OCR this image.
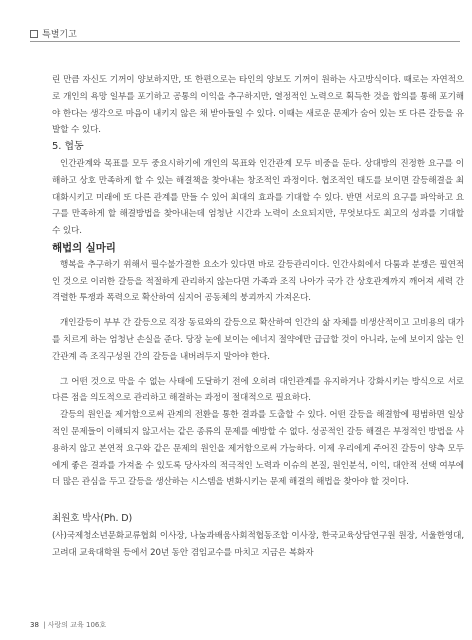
특별기고

린 만큼 자신도 기꺼이 양보하지만, 또 한편으로는 타인의 양보도 기꺼이 원하는 사고방식이다. 때로는 자연적으로 개인의 욕망 일부를 포기하고 공통의 이익을 추구하지만, 열정적인 노력으로 획득한 것을 합의를 통해 포기해야 한다는 생각으로 마음이 내키지 않은 채 받아들일 수 있다. 이때는 새로운 문제가 숨어 있는 또 다른 갈등을 유발할 수 있다.

5. 협동

인간관계와 목표를 모두 중요시하기에 개인의 목표와 인간관계 모두 비중을 둔다. 상대방의 진정한 요구를 이해하고 상호 만족하게 할 수 있는 해결책을 찾아내는 창조적인 과정이다. 협조적인 태도를 보이면 갈등해결을 최대화시키고 미래에 또 다른 관계를 만들 수 있어 최대의 효과를 기대할 수 있다. 반면 서로의 요구를 파악하고 요구를 만족하게 할 해결방법을 찾아내는데 엄청난 시간과 노력이 소요되지만, 무엇보다도 최고의 성과를 기대할 수 있다.

해법의 실마리

행복을 추구하기 위해서 필수불가결한 요소가 있다면 바로 갈등관리이다. 인간사회에서 다툼과 분쟁은 필연적인 것으로 이러한 갈등을 적절하게 관리하지 않는다면 가족과 조직 나아가 국가 간 상호관계까지 깨어져 세력 간 격렬한 투쟁과 폭력으로 확산하여 심지어 공동체의 붕괴까지 가져온다.

개인갈등이 부부 간 갈등으로 직장 동료와의 갈등으로 확산하여 인간의 삶 자체를 비생산적이고 고비용의 대가를 치르게 하는 엄청난 손실을 준다. 당장 눈에 보이는 에너지 절약에만 급급할 것이 아니라, 눈에 보이지 않는 인간관계 즉 조직구성원 간의 갈등을 내버려두지 말아야 한다.

그 어떤 것으로 막을 수 없는 사태에 도달하기 전에 오히려 대인관계를 유지하거나 강화시키는 방식으로 서로 다른 점을 의도적으로 관리하고 해결하는 과정이 절대적으로 필요하다.

갈등의 원인을 제거함으로써 관계의 전환을 통한 결과를 도출할 수 있다. 어떤 갈등을 해결함에 평범하면 일상적인 문제들이 이해되지 않고서는 같은 종류의 문제를 예방할 수 없다. 성공적인 갈등 해결은 부정적인 방법을 사용하지 않고 본연적 요구와 같은 문제의 원인을 제거함으로써 가능하다. 이제 우리에게 주어진 갈등이 양측 모두에게 좋은 결과를 가져올 수 있도록 당사자의 적극적인 노력과 이슈의 본질, 원인분석, 이익, 대안적 선택 여부에 더 많은 관심을 두고 갈등을 생산하는 시스템을 변화시키는 문제 해결의 해법을 찾아야 할 것이다.

최원호 박사(Ph. D)

(사)국제청소년문화교류협회 이사장, 나눔과배움사회적협동조합 이사장, 한국교육상담연구원 원장, 서울한영대, 고려대 교육대학원 등에서 20년 동안 겸임교수를 마치고 지금은 복화자

38 | 사랑의 교육 106호
